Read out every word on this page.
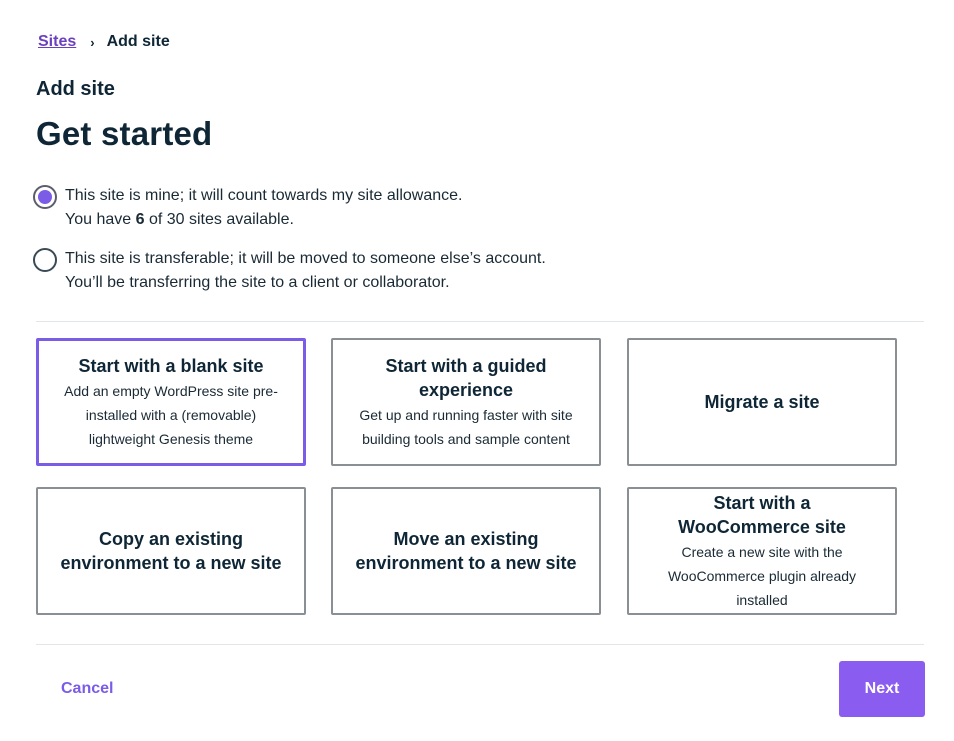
Sites › Add site
Add site
Get started
This site is mine; it will count towards my site allowance.
You have 6 of 30 sites available.
This site is transferable; it will be moved to someone else’s account.
You’ll be transferring the site to a client or collaborator.
Start with a blank site
Add an empty WordPress site pre-installed with a (removable) lightweight Genesis theme
Start with a guided experience
Get up and running faster with site building tools and sample content
Migrate a site
Copy an existing environment to a new site
Move an existing environment to a new site
Start with a WooCommerce site
Create a new site with the WooCommerce plugin already installed
Cancel	Next
